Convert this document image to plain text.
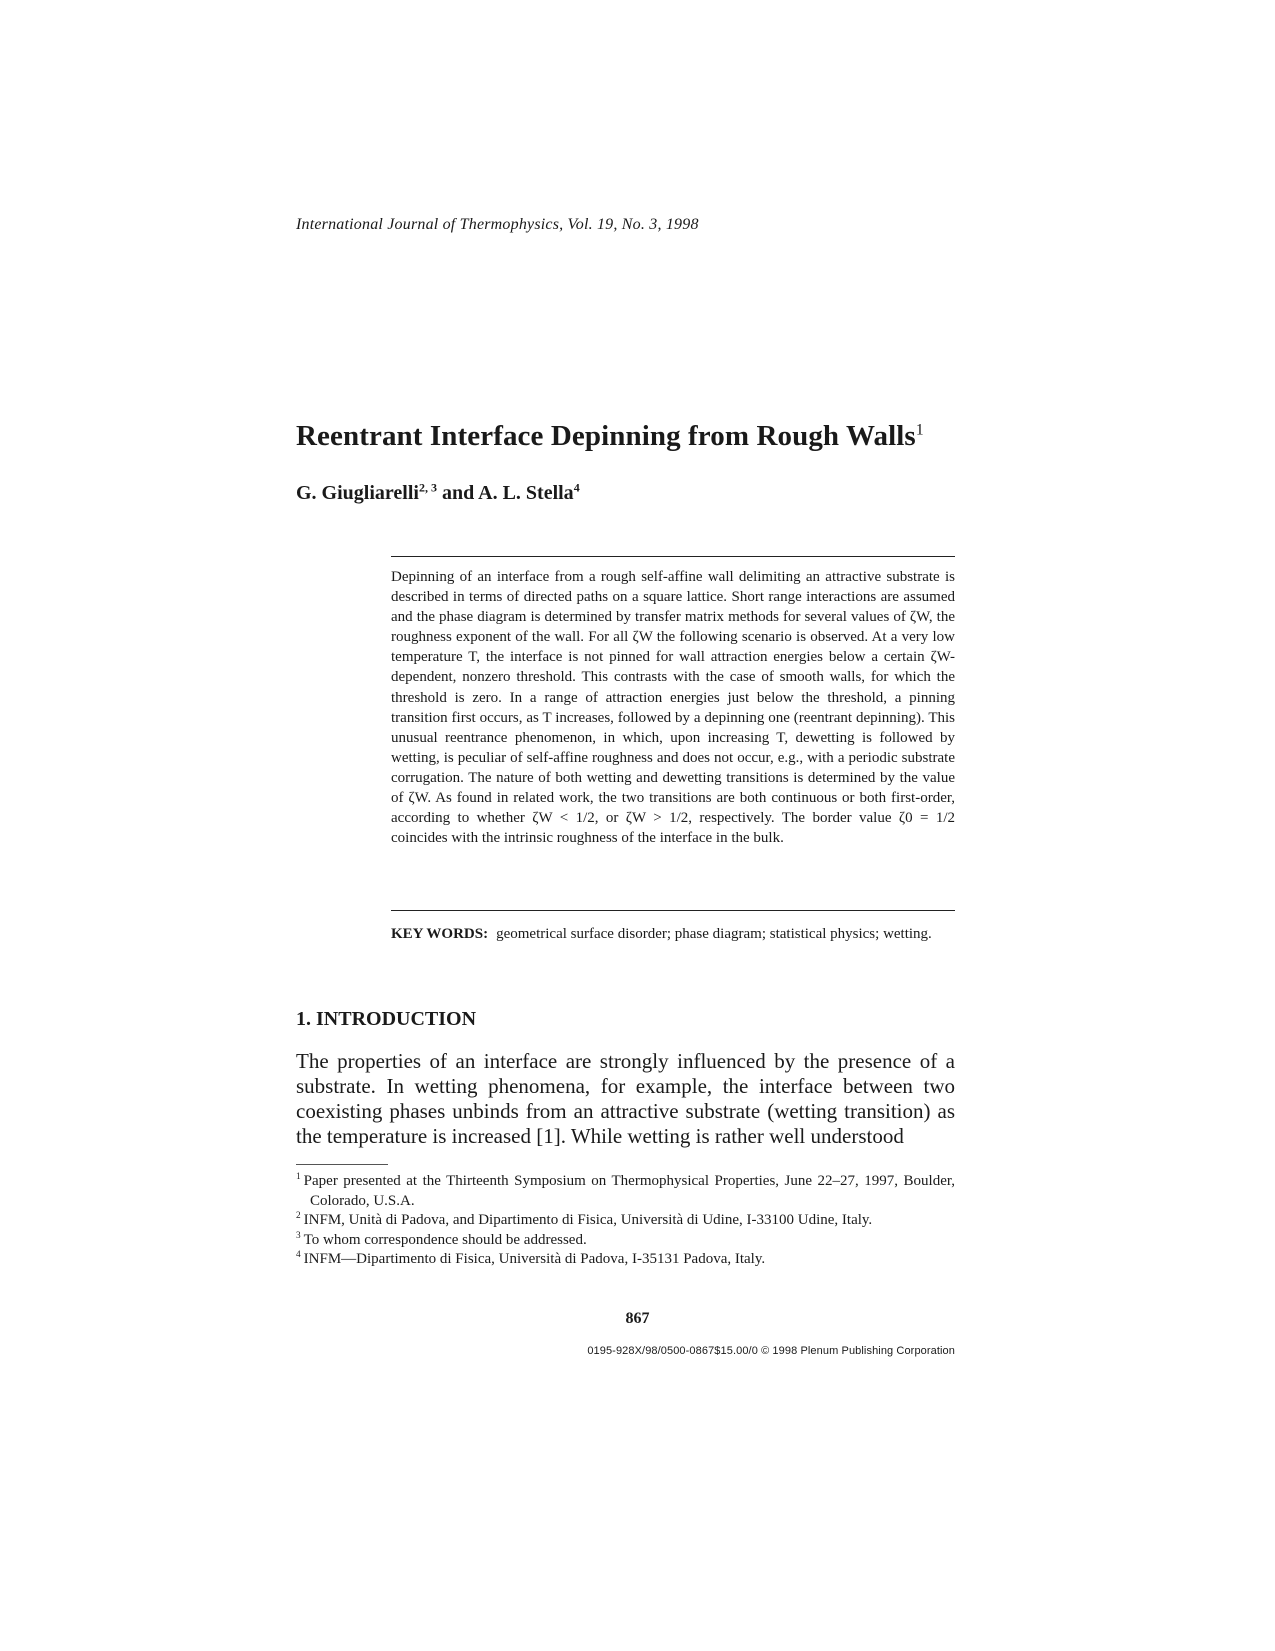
International Journal of Thermophysics, Vol. 19, No. 3, 1998
Reentrant Interface Depinning from Rough Walls$^1$
G. Giugliarelli$^{2, 3}$ and A. L. Stella$^4$

Depinning of an interface from a rough self-affine wall delimiting an attractive substrate is described in terms of directed paths on a square lattice. Short range interactions are assumed and the phase diagram is determined by transfer matrix methods for several values of ζW, the roughness exponent of the wall. For all ζW the following scenario is observed. At a very low temperature T, the interface is not pinned for wall attraction energies below a certain ζW-dependent, nonzero threshold. This contrasts with the case of smooth walls, for which the threshold is zero. In a range of attraction energies just below the threshold, a pinning transition first occurs, as T increases, followed by a depinning one (reentrant depinning). This unusual reentrance phenomenon, in which, upon increasing T, dewetting is followed by wetting, is peculiar of self-affine roughness and does not occur, e.g., with a periodic substrate corrugation. The nature of both wetting and dewetting transitions is determined by the value of ζW. As found in related work, the two transitions are both continuous or both first-order, according to whether ζW < 1/2, or ζW > 1/2, respectively. The border value ζ0 = 1/2 coincides with the intrinsic roughness of the interface in the bulk.

KEY WORDS: geometrical surface disorder; phase diagram; statistical physics; wetting.

1. INTRODUCTION

The properties of an interface are strongly influenced by the presence of a substrate. In wetting phenomena, for example, the interface between two coexisting phases unbinds from an attractive substrate (wetting transition) as the temperature is increased [1]. While wetting is rather well understood

$^1$ Paper presented at the Thirteenth Symposium on Thermophysical Properties, June 22–27, 1997, Boulder, Colorado, U.S.A.
$^2$ INFM, Unità di Padova, and Dipartimento di Fisica, Università di Udine, I-33100 Udine, Italy.
$^3$ To whom correspondence should be addressed.
$^4$ INFM—Dipartimento di Fisica, Università di Padova, I-35131 Padova, Italy.
867
0195-928X/98/0500-0867$15.00/0 © 1998 Plenum Publishing Corporation
